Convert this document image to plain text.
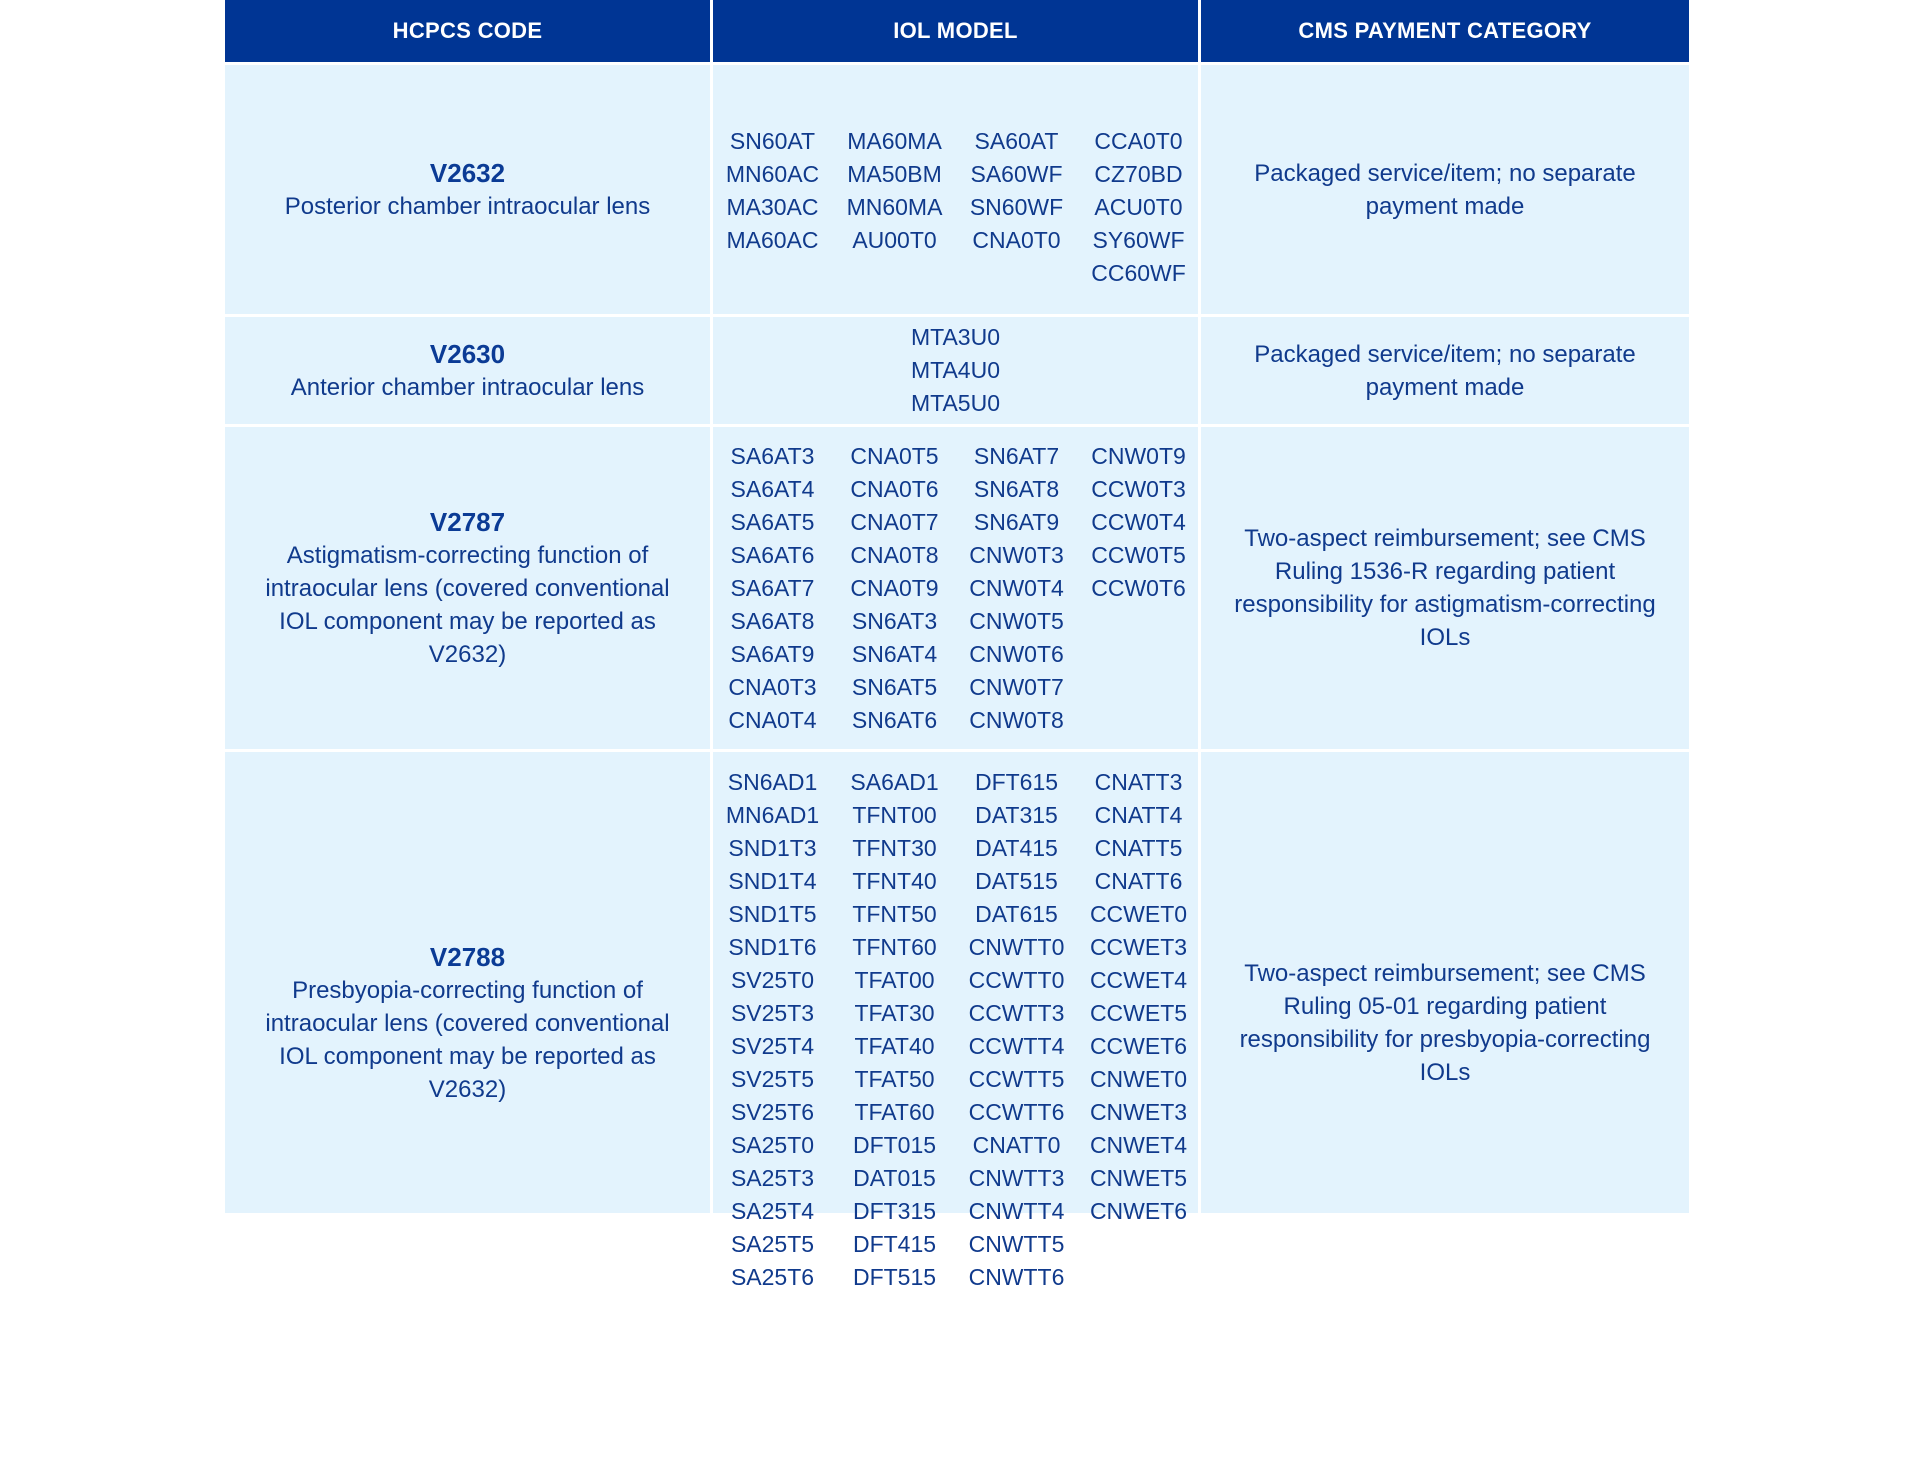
HCPCS CODE	IOL MODEL	CMS PAYMENT CATEGORY
V2632
Posterior chamber intraocular lens
SN60AT
MN60AC
MA30AC
MA60AC
MA60MA
MA50BM
MN60MA
AU00T0
SA60AT
SA60WF
SN60WF
CNA0T0
CCA0T0
CZ70BD
ACU0T0
SY60WF
CC60WF
Packaged service/item; no separate payment made
V2630
Anterior chamber intraocular lens
MTA3U0
MTA4U0
MTA5U0
Packaged service/item; no separate payment made
V2787
Astigmatism-correcting function of intraocular lens (covered conventional IOL component may be reported as V2632)
SA6AT3
SA6AT4
SA6AT5
SA6AT6
SA6AT7
SA6AT8
SA6AT9
CNA0T3
CNA0T4
CNA0T5
CNA0T6
CNA0T7
CNA0T8
CNA0T9
SN6AT3
SN6AT4
SN6AT5
SN6AT6
SN6AT7
SN6AT8
SN6AT9
CNW0T3
CNW0T4
CNW0T5
CNW0T6
CNW0T7
CNW0T8
CNW0T9
CCW0T3
CCW0T4
CCW0T5
CCW0T6
Two-aspect reimbursement; see CMS Ruling 1536-R regarding patient responsibility for astigmatism-correcting IOLs
V2788
Presbyopia-correcting function of intraocular lens (covered conventional IOL component may be reported as V2632)
SN6AD1
MN6AD1
SND1T3
SND1T4
SND1T5
SND1T6
SV25T0
SV25T3
SV25T4
SV25T5
SV25T6
SA25T0
SA25T3
SA25T4
SA25T5
SA25T6
SA6AD1
TFNT00
TFNT30
TFNT40
TFNT50
TFNT60
TFAT00
TFAT30
TFAT40
TFAT50
TFAT60
DFT015
DAT015
DFT315
DFT415
DFT515
DFT615
DAT315
DAT415
DAT515
DAT615
CNWTT0
CCWTT0
CCWTT3
CCWTT4
CCWTT5
CCWTT6
CNATT0
CNWTT3
CNWTT4
CNWTT5
CNWTT6
CNATT3
CNATT4
CNATT5
CNATT6
CCWET0
CCWET3
CCWET4
CCWET5
CCWET6
CNWET0
CNWET3
CNWET4
CNWET5
CNWET6
Two-aspect reimbursement; see CMS Ruling 05-01 regarding patient responsibility for presbyopia-correcting IOLs
